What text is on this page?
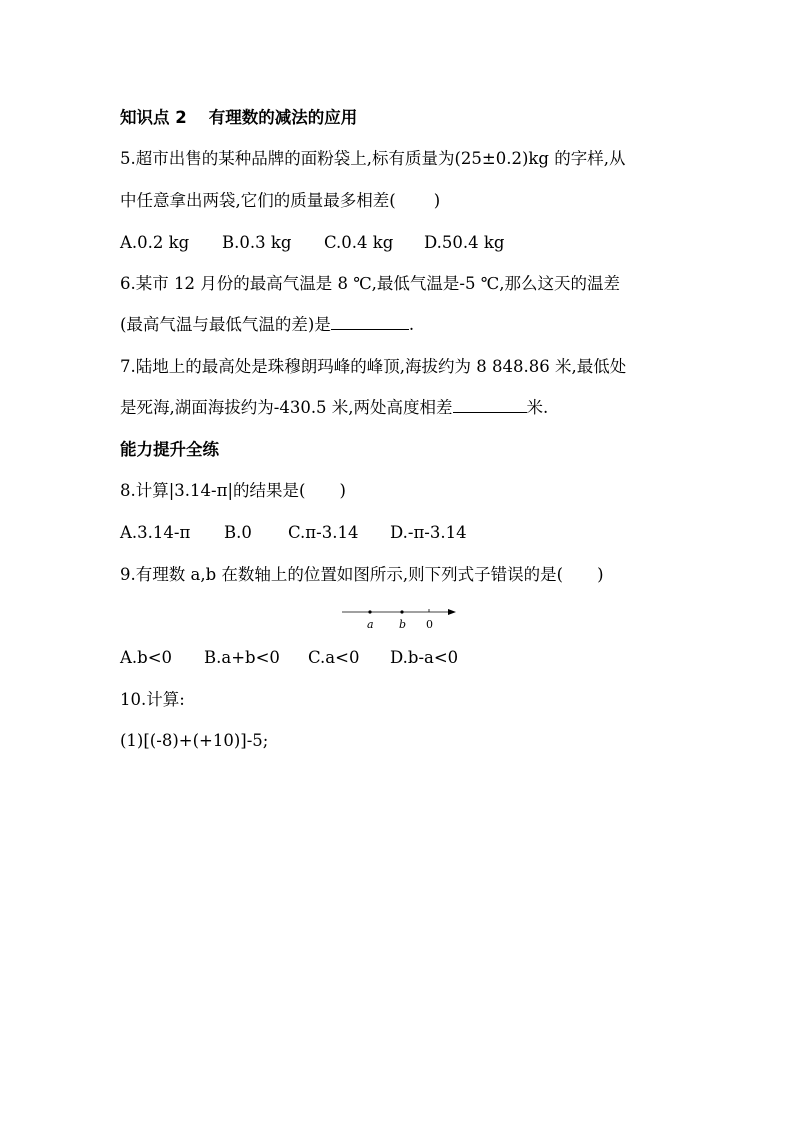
知识点 2 有理数的减法的应用
5.超市出售的某种品牌的面粉袋上,标有质量为(25±0.2)kg 的字样,从
中任意拿出两袋,它们的质量最多相差( )
A.0.2 kg B.0.3 kg C.0.4 kg D.50.4 kg
6.某市 12 月份的最高气温是 8 ℃,最低气温是-5 ℃,那么这天的温差
(最高气温与最低气温的差)是	.
7.陆地上的最高处是珠穆朗玛峰的峰顶,海拔约为 8 848.86 米,最低处
是死海,湖面海拔约为-430.5 米,两处高度相差	米.
能力提升全练
8.计算|3.14-π|的结果是( )
A.3.14-π B.0 C.π-3.14 D.-π-3.14
9.有理数 a,b 在数轴上的位置如图所示,则下列式子错误的是( )
a b 0
A.b<0 B.a+b<0 C.a<0 D.b-a<0
10.计算:
(1)[(-8)+(+10)]-5;
